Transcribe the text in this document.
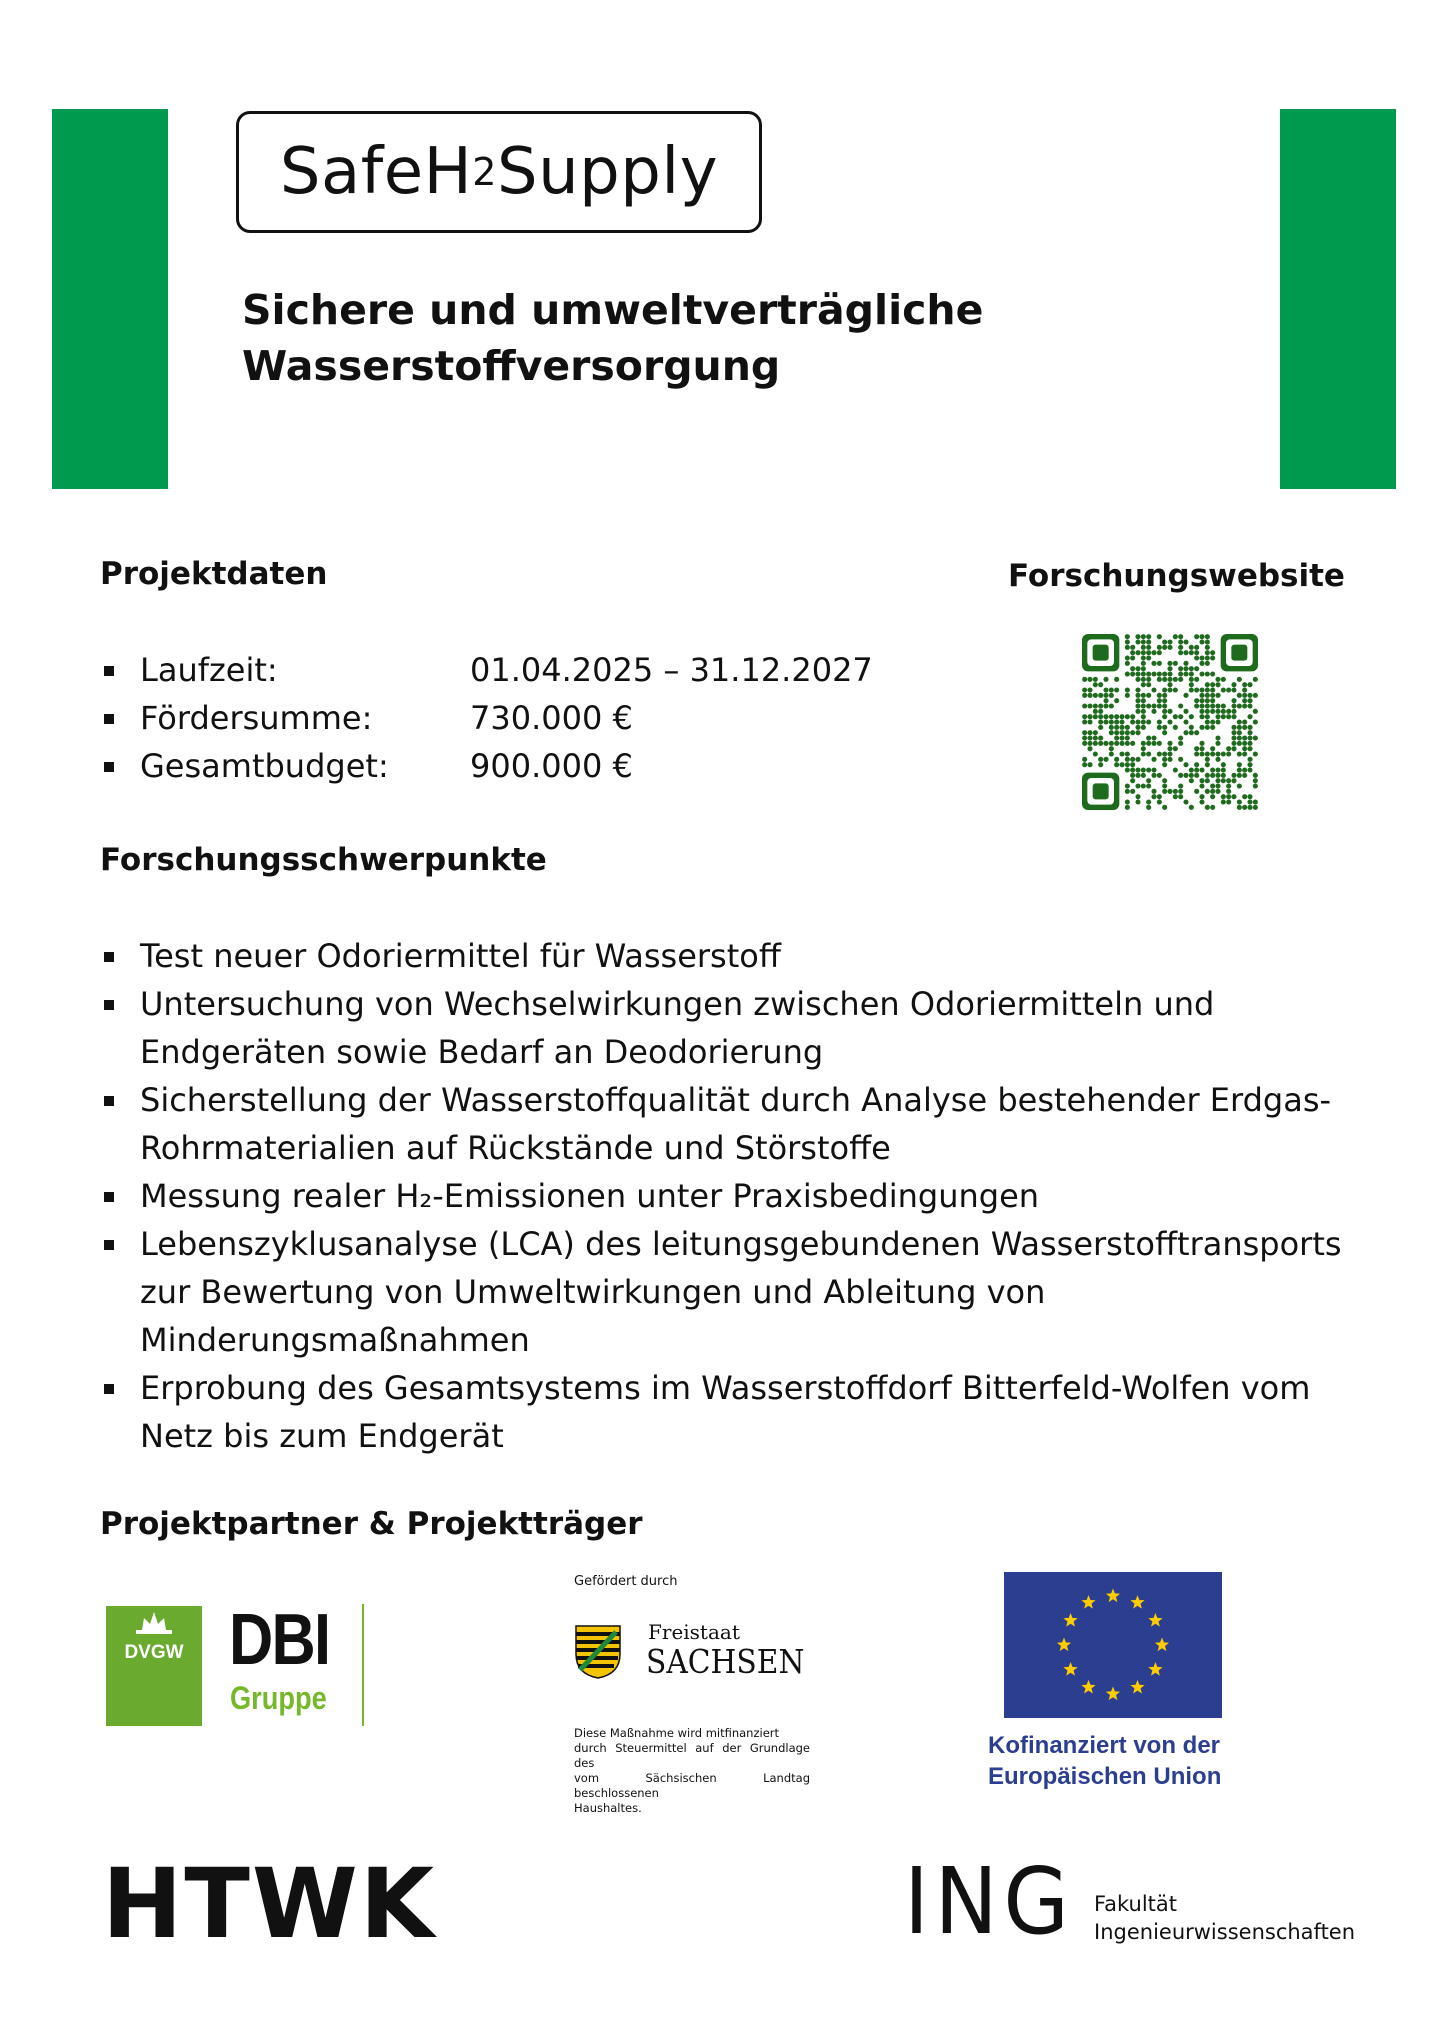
SafeH 2 Supply
Sichere und umweltverträgliche
Wasserstoffversorgung
Projektdaten	Forschungswebsite
Laufzeit:	01.04.2025 – 31.12.2027
Fördersumme:	730.000 €
Gesamtbudget:	900.000 €
Forschungsschwerpunkte
Test neuer Odoriermittel für Wasserstoff
Untersuchung von Wechselwirkungen zwischen Odoriermitteln und
Endgeräten sowie Bedarf an Deodorierung
Sicherstellung der Wasserstoffqualität durch Analyse bestehender Erdgas-
Rohrmaterialien auf Rückstände und Störstoffe
Messung realer H₂-Emissionen unter Praxisbedingungen
Lebenszyklusanalyse (LCA) des leitungsgebundenen Wasserstofftransports
zur Bewertung von Umweltwirkungen und Ableitung von
Minderungsmaßnahmen
Erprobung des Gesamtsystems im Wasserstoffdorf Bitterfeld-Wolfen vom
Netz bis zum Endgerät
Projektpartner & Projektträger
DVGW DBI
Gruppe
Gefördert durch
Freistaat
SACHSEN
Diese Maßnahme wird mitfinanziert
durch Steuermittel auf der Grundlage des
vom Sächsischen Landtag beschlossenen
Haushaltes.
Kofinanziert von der
Europäischen Union
HTWK	ING Fakultät
Ingenieurwissenschaften
